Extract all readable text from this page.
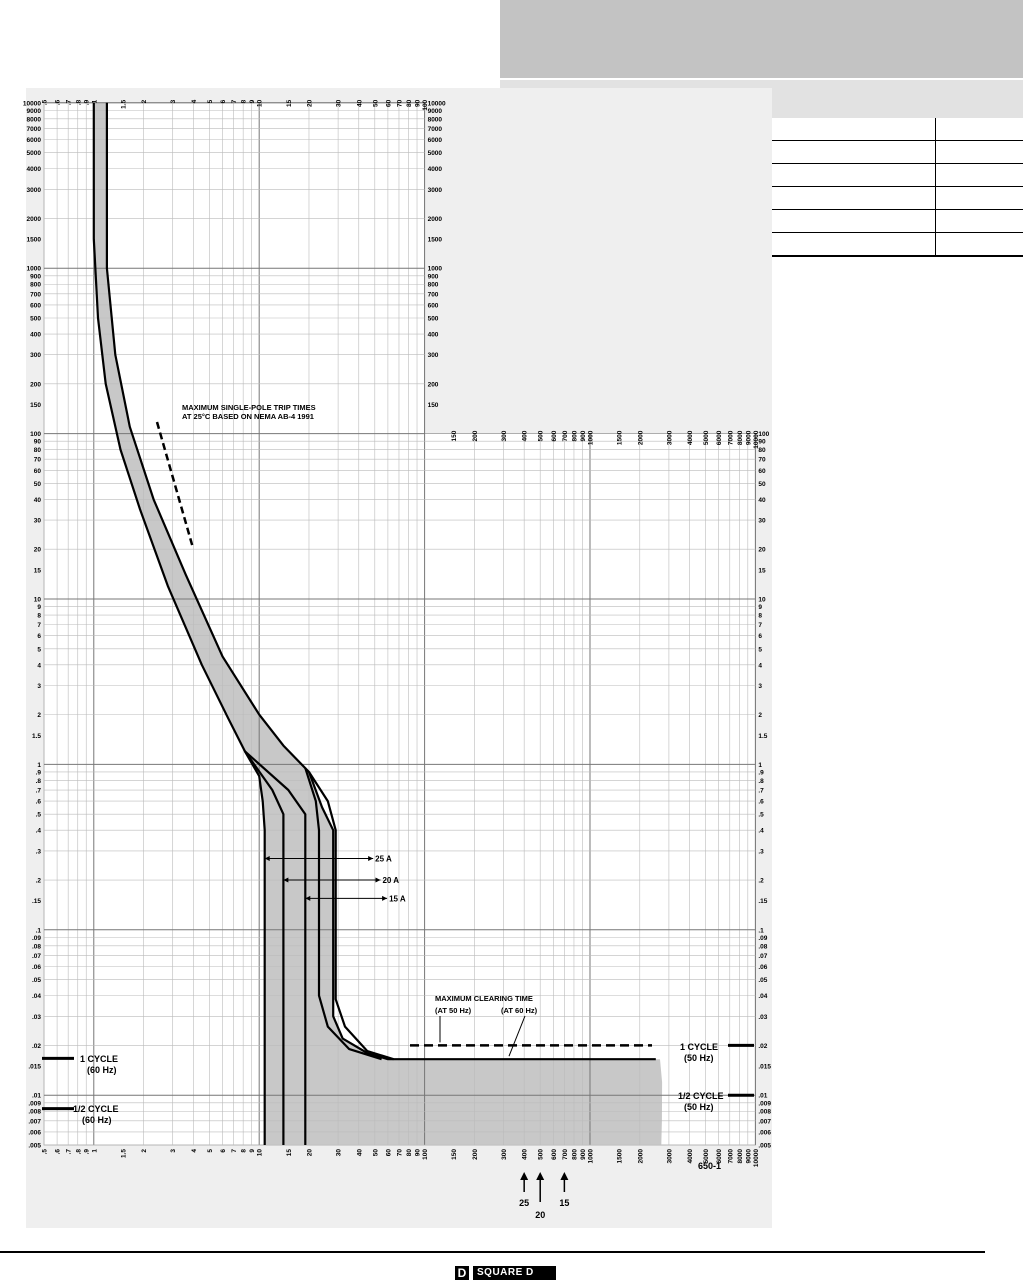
.5 .6 .7 .8 .9 1	1.5 2	3 4 5 6 7 8 9 10	15 20	30 40 50 60 70 80 90 100
150 200	300 400 500 600 700 800 900 1000	1500 2000	3000 4000 5000 6000 7000 8000 9000 10000
.5 .6 .7 .8 .9 1	1.5 2	3 4 5 6 7 8 9 10	15 20	30 40 50 60 70 80 90 100	150 200	300 400 500 600 700 800 900 1000	1500 2000	3000 4000 5000 6000 7000 8000 9000 10000
10000	10000
9000	9000
8000	8000
7000	7000
6000	6000
5000	5000
4000	4000
3000	3000
2000	2000
1500	1500
1000	1000
900	900
800	800
700	700
600	600
500	500
400	400
300	300
200	200
150	150
100	100
90	90
80	80
70	70
60	60
50	50
40	40
30	30
20	20
15	15
10	10
9	9
8	8
7	7
6	6
5	5
4	4
3	3
2	2
1.5	1.5
1	1
.9	.9
.8	.8
.7	.7
.6	.6
.5	.5
.4	.4
.3	.3
.2	.2
.15	.15
.1	.1
.09	.09
.08	.08
.07	.07
.06	.06
.05	.05
.04	.04
.03	.03
.02	.02
.015	.015
.01	.01
.009	.009
.008	.008
.007	.007
.006	.006
.005	.005
MAXIMUM SINGLE-POLE TRIP TIMES
AT 25°C BASED ON NEMA AB-4 1991
25 A
20 A
15 A
MAXIMUM CLEARING TIME
(AT 50 Hz)	(AT 60 Hz)
1 CYCLE
(60 Hz)
1/2 CYCLE
(60 Hz)
1 CYCLE
(50 Hz)
1/2 CYCLE
(50 Hz)
25
20
15
650-1
D	SQUARE D
